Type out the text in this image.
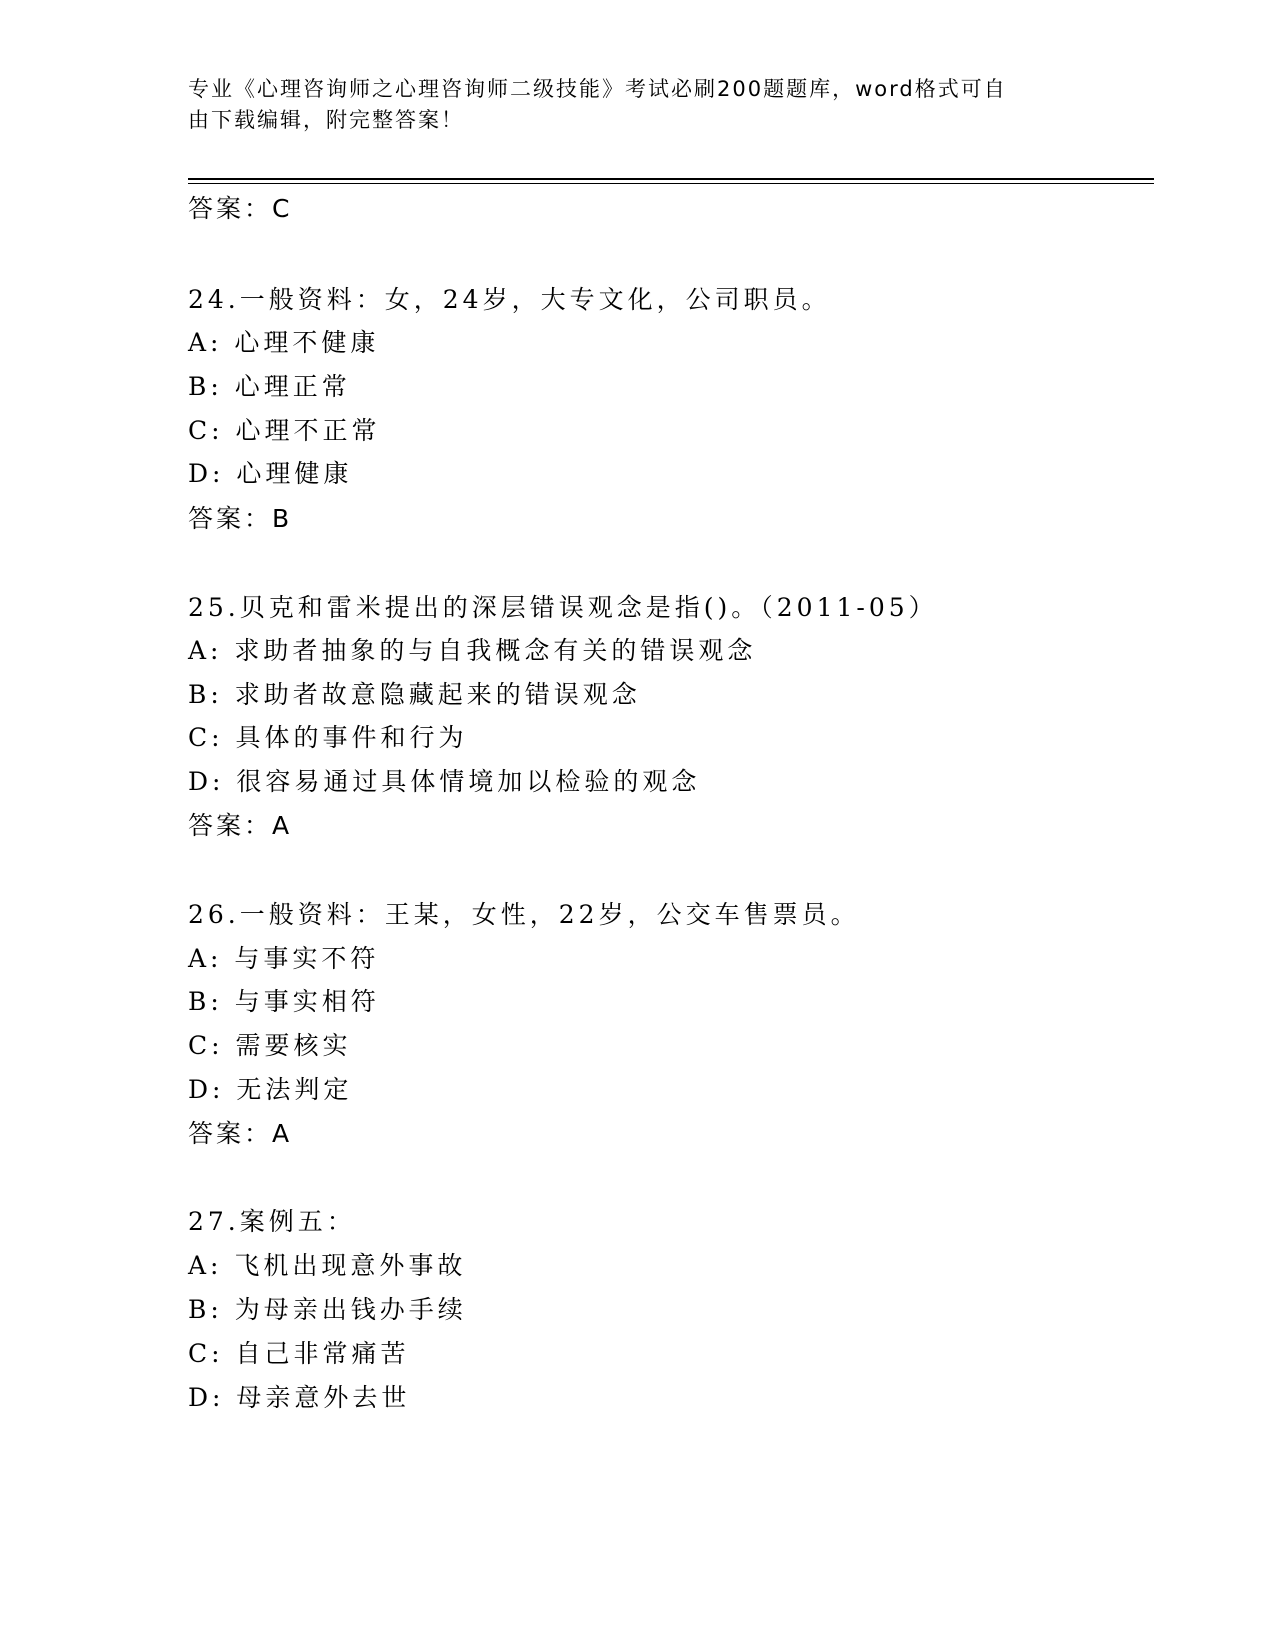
专业《心理咨询师之心理咨询师二级技能》考试必刷200题题库，word格式可自
由下载编辑，附完整答案！
答案：C
24.一般资料：女，24岁，大专文化，公司职员。
A: 心理不健康
B: 心理正常
C: 心理不正常
D: 心理健康
答案：B
25.贝克和雷米提出的深层错误观念是指()。（2011-05）
A: 求助者抽象的与自我概念有关的错误观念
B: 求助者故意隐藏起来的错误观念
C: 具体的事件和行为
D: 很容易通过具体情境加以检验的观念
答案：A
26.一般资料：王某，女性，22岁，公交车售票员。
A: 与事实不符
B: 与事实相符
C: 需要核实
D: 无法判定
答案：A
27.案例五：
A: 飞机出现意外事故
B: 为母亲出钱办手续
C: 自己非常痛苦
D: 母亲意外去世
